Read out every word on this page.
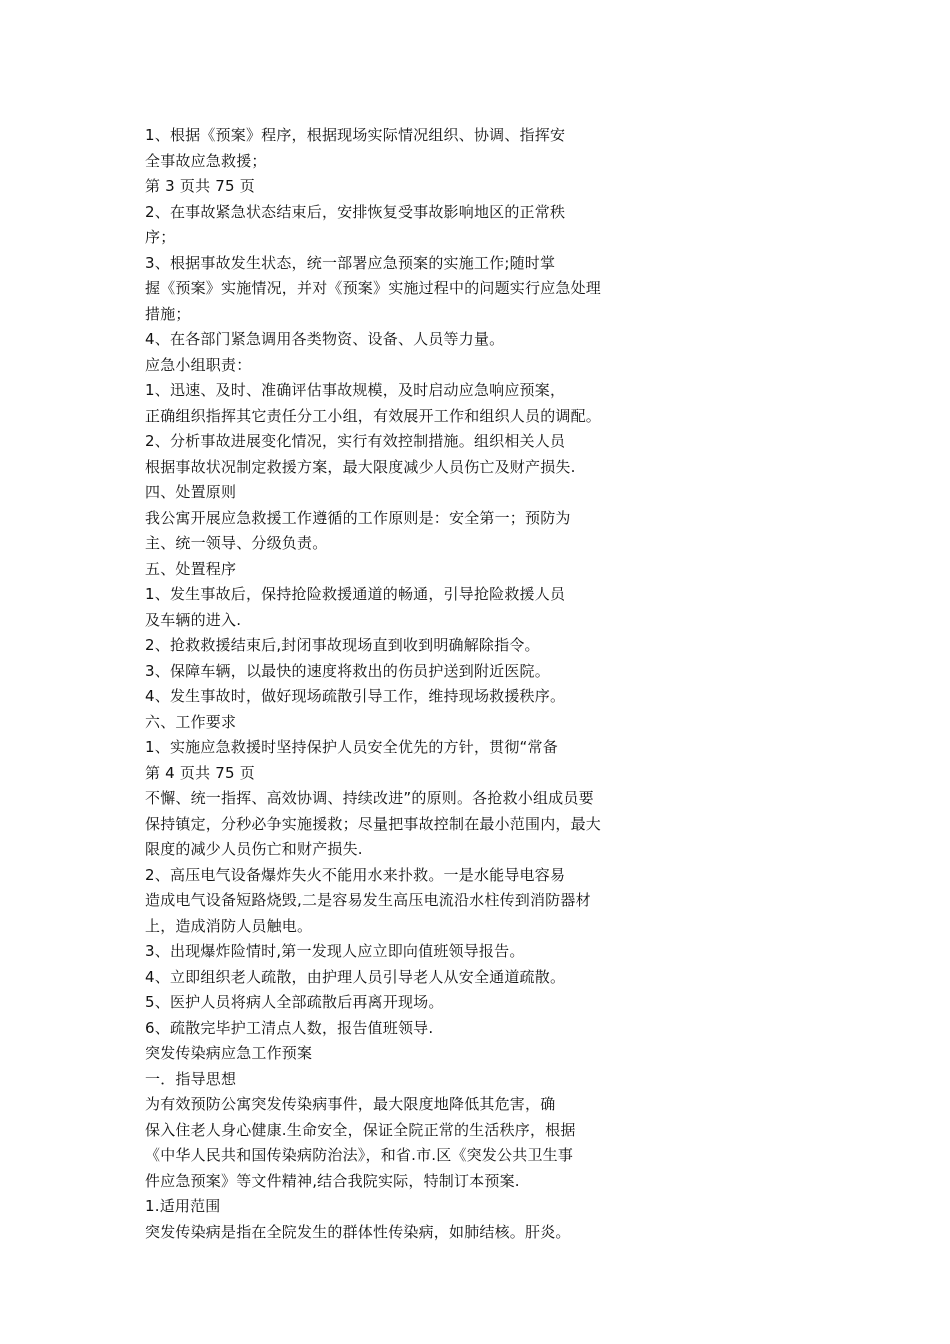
1、根据《预案》程序，根据现场实际情况组织、协调、指挥安
全事故应急救援；
第 3 页共 75 页
2、在事故紧急状态结束后，安排恢复受事故影响地区的正常秩
序；
3、根据事故发生状态，统一部署应急预案的实施工作;随时掌
握《预案》实施情况，并对《预案》实施过程中的问题实行应急处理
措施；
4、在各部门紧急调用各类物资、设备、人员等力量。
应急小组职责：
1、迅速、及时、准确评估事故规模，及时启动应急响应预案，
正确组织指挥其它责任分工小组，有效展开工作和组织人员的调配。
2、分析事故进展变化情况，实行有效控制措施。组织相关人员
根据事故状况制定救援方案，最大限度减少人员伤亡及财产损失.
四、处置原则
我公寓开展应急救援工作遵循的工作原则是：安全第一；预防为
主、统一领导、分级负责。
五、处置程序
1、发生事故后，保持抢险救援通道的畅通，引导抢险救援人员
及车辆的进入.
2、抢救救援结束后,封闭事故现场直到收到明确解除指令。
3、保障车辆，以最快的速度将救出的伤员护送到附近医院。
4、发生事故时，做好现场疏散引导工作，维持现场救援秩序。
六、工作要求
1、实施应急救援时坚持保护人员安全优先的方针，贯彻“常备
第 4 页共 75 页
不懈、统一指挥、高效协调、持续改进”的原则。各抢救小组成员要
保持镇定，分秒必争实施援救；尽量把事故控制在最小范围内，最大
限度的减少人员伤亡和财产损失.
2、高压电气设备爆炸失火不能用水来扑救。一是水能导电容易
造成电气设备短路烧毁,二是容易发生高压电流沿水柱传到消防器材
上，造成消防人员触电。
3、出现爆炸险情时,第一发现人应立即向值班领导报告。
4、立即组织老人疏散，由护理人员引导老人从安全通道疏散。
5、医护人员将病人全部疏散后再离开现场。
6、疏散完毕护工清点人数，报告值班领导.
突发传染病应急工作预案
一．指导思想
为有效预防公寓突发传染病事件，最大限度地降低其危害，确
保入住老人身心健康.生命安全，保证全院正常的生活秩序，根据
《中华人民共和国传染病防治法》，和省.市.区《突发公共卫生事
件应急预案》等文件精神,结合我院实际，特制订本预案.
1.适用范围
突发传染病是指在全院发生的群体性传染病，如肺结核。肝炎。
